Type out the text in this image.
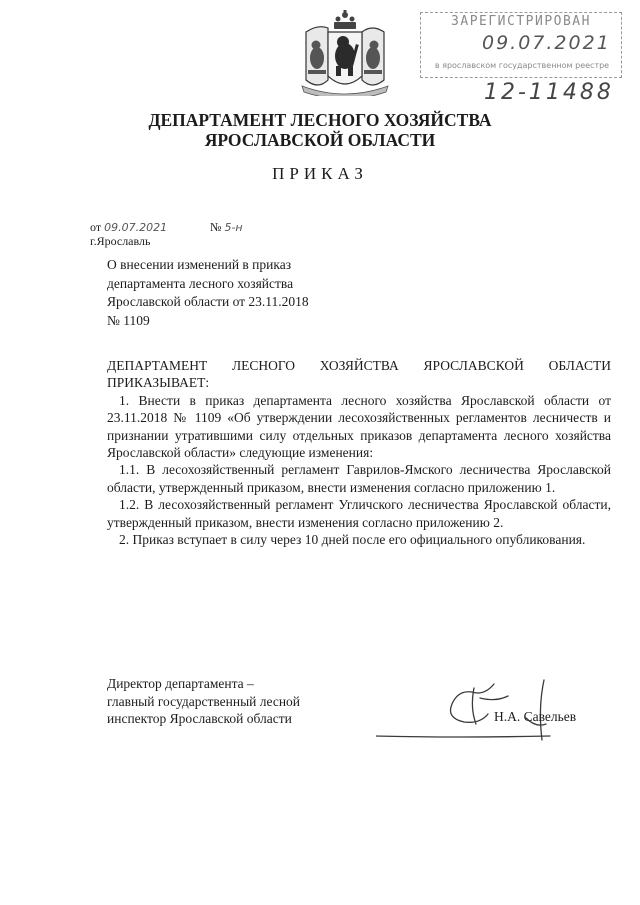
ЗАРЕГИСТРИРОВАН
09.07.2021
в ярославском государственном реестре
12-11488
ДЕПАРТАМЕНТ ЛЕСНОГО ХОЗЯЙСТВА
ЯРОСЛАВСКОЙ ОБЛАСТИ
ПРИКАЗ
от 09.07.2021	№ 5-н
г.Ярославль
О внесении изменений в приказ
департамента лесного хозяйства
Ярославской области от 23.11.2018
№ 1109

ДЕПАРТАМЕНТ ЛЕСНОГО ХОЗЯЙСТВА ЯРОСЛАВСКОЙ ОБЛАСТИ ПРИКАЗЫВАЕТ:

1. Внести в приказ департамента лесного хозяйства Ярославской области от 23.11.2018 № 1109 «Об утверждении лесохозяйственных регламентов лесничеств и признании утратившими силу отдельных приказов департамента лесного хозяйства Ярославской области» следующие изменения:

1.1. В лесохозяйственный регламент Гаврилов-Ямского лесничества Ярославской области, утвержденный приказом, внести изменения согласно приложению 1.

1.2. В лесохозяйственный регламент Угличского лесничества Ярославской области, утвержденный приказом, внести изменения согласно приложению 2.

2. Приказ вступает в силу через 10 дней после его официального опубликования.

Директор департамента –
главный государственный лесной
инспектор Ярославской области	Н.А. Савельев
